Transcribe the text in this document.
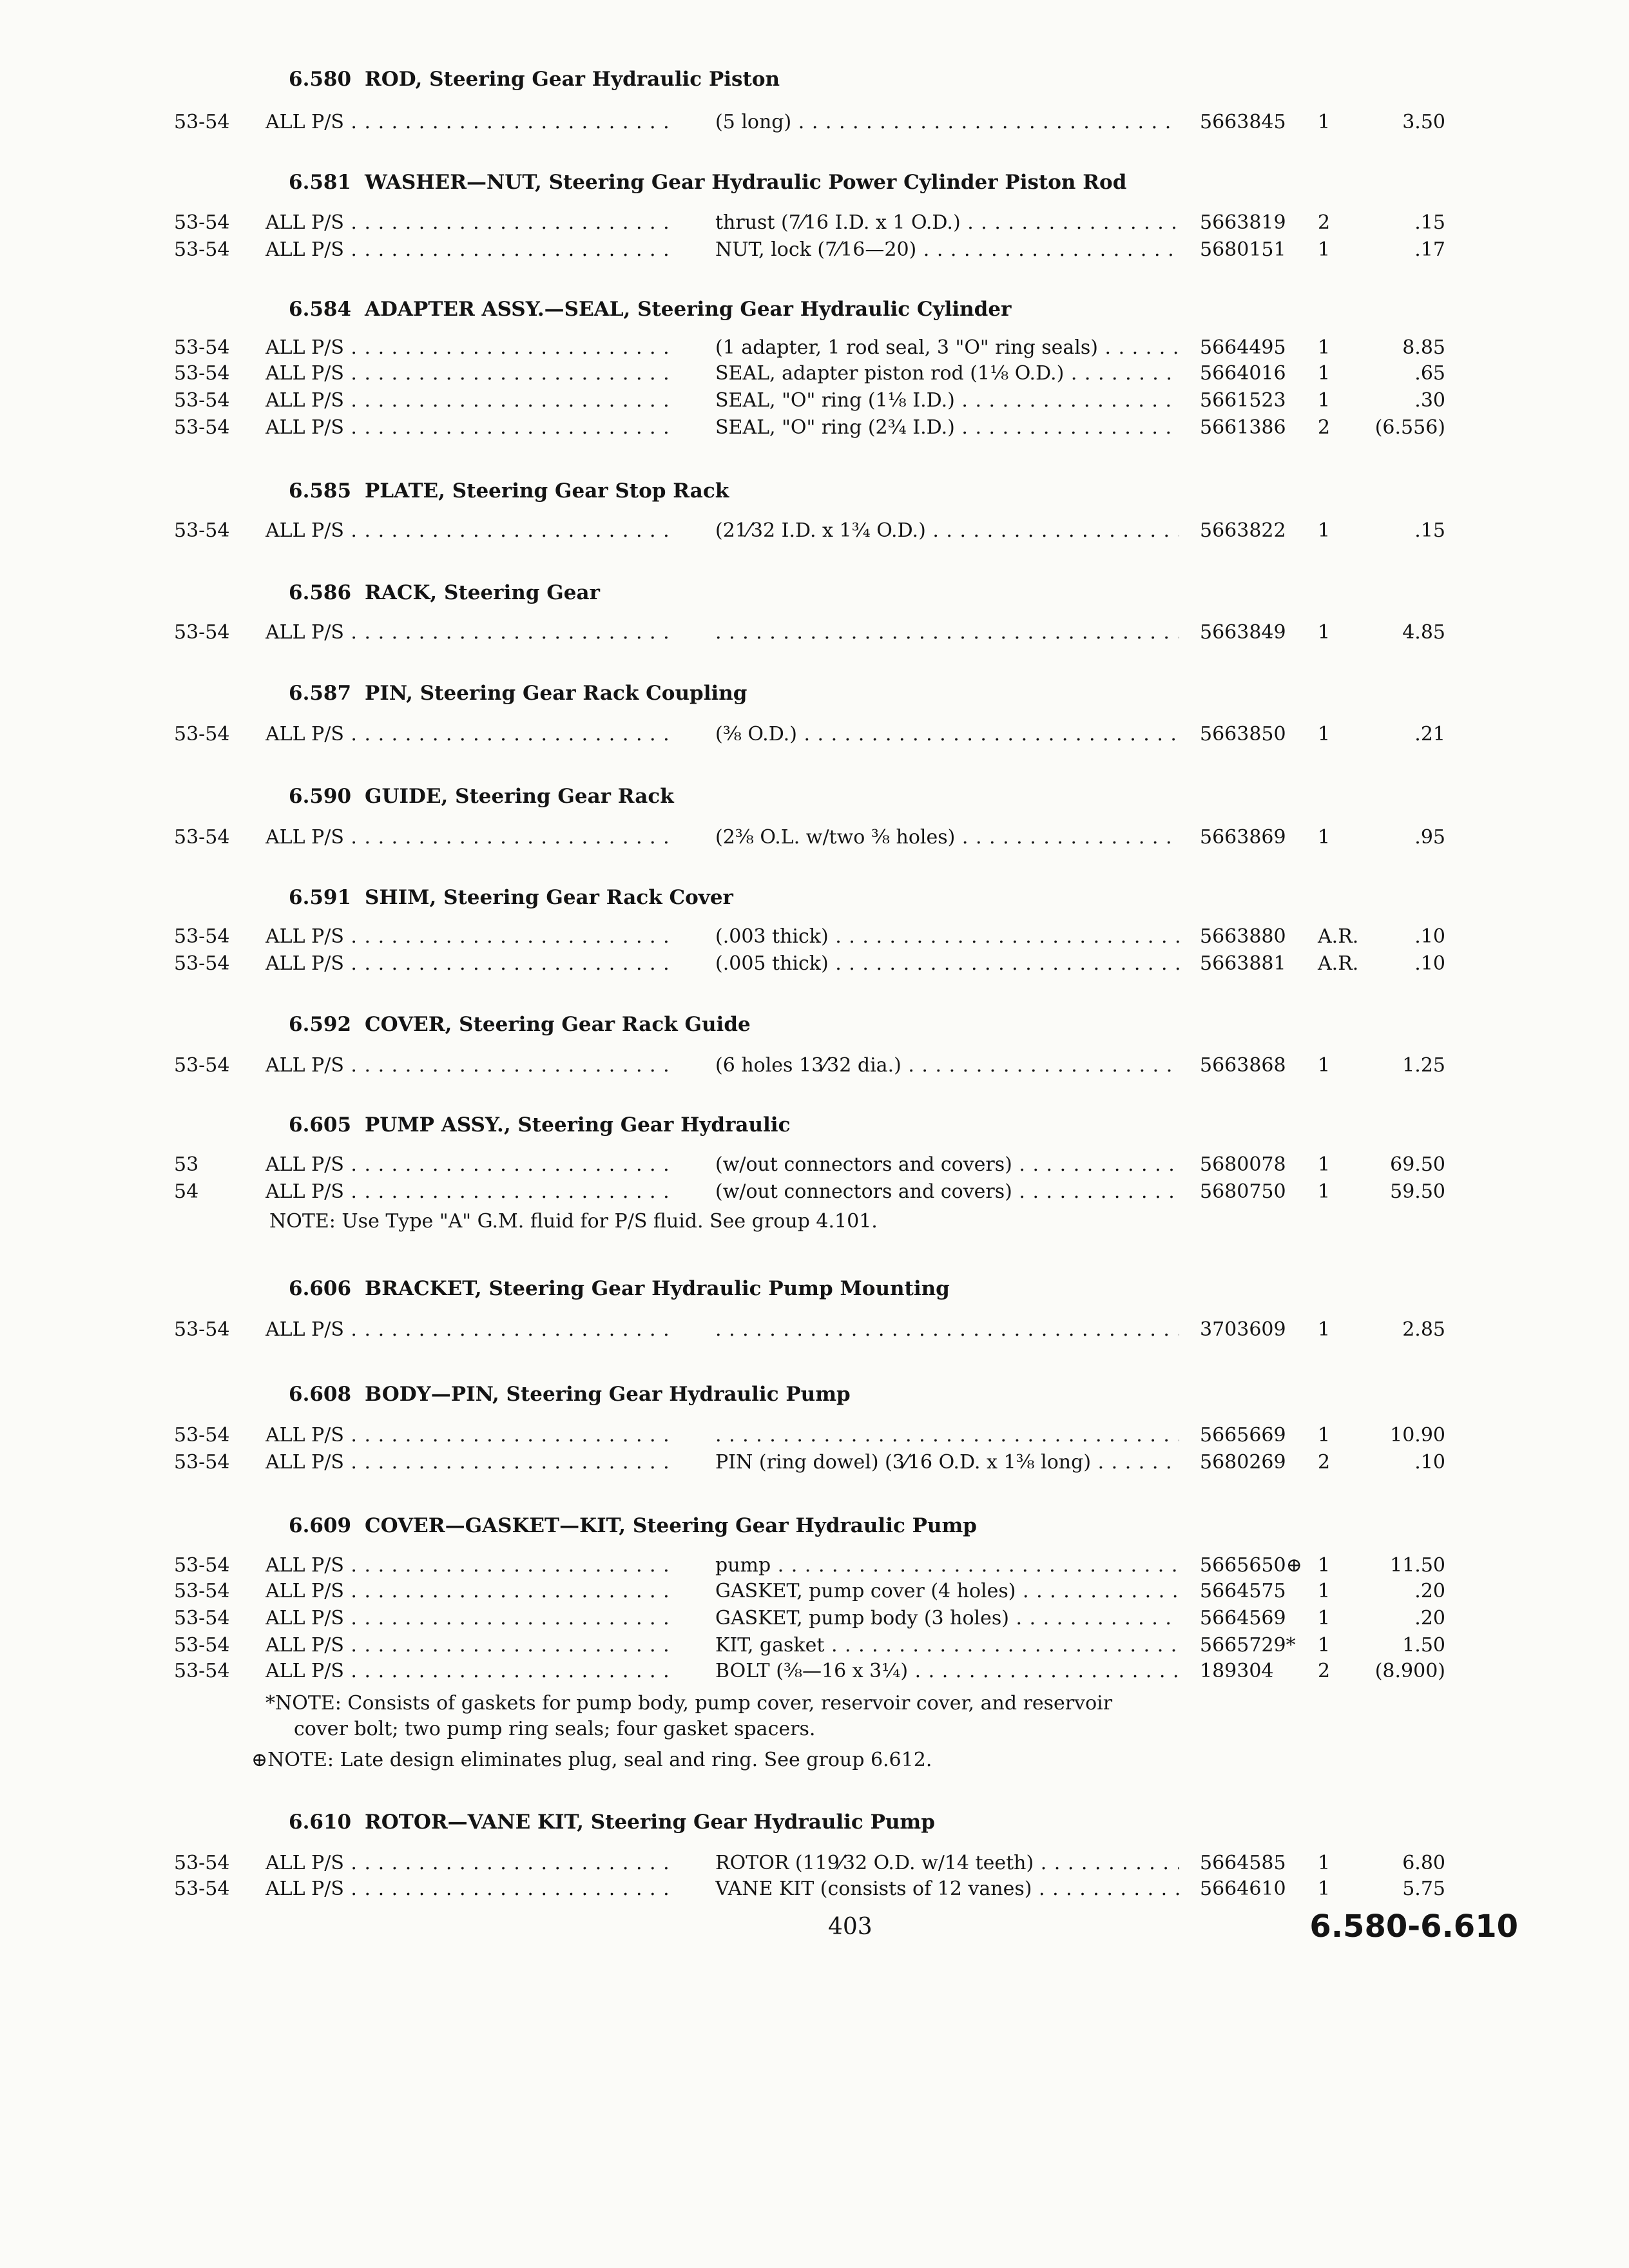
6.580 ROD, Steering Gear Hydraulic Piston
53-54 ALL P/S . . .	(5 long) . . .	5663845 1	3.50
6.581 WASHER—NUT, Steering Gear Hydraulic Power Cylinder Piston Rod
53-54 ALL P/S . . .	thrust (7⁄16 I.D. x 1 O.D.) . . .	5663819 2	.15
53-54 ALL P/S . . .	NUT, lock (7⁄16—20) . . .	5680151 1	.17
6.584 ADAPTER ASSY.—SEAL, Steering Gear Hydraulic Cylinder
53-54 ALL P/S . . .	(1 adapter, 1 rod seal, 3 "O" ring seals) . . .	5664495 1	8.85
53-54 ALL P/S . . .	SEAL, adapter piston rod (1⅛ O.D.) . . .	5664016 1	.65
53-54 ALL P/S . . .	SEAL, "O" ring (1⅛ I.D.) . . .	5661523 1	.30
53-54 ALL P/S . . .	SEAL, "O" ring (2¾ I.D.) . . .	5661386 2 (6.556)
6.585 PLATE, Steering Gear Stop Rack
53-54 ALL P/S . . .	(21⁄32 I.D. x 1¾ O.D.) . . .	5663822 1	.15
6.586 RACK, Steering Gear
53-54 ALL P/S . . . . . .	5663849 1	4.85
6.587 PIN, Steering Gear Rack Coupling
53-54 ALL P/S . . .	(⅜ O.D.) . . .	5663850 1	.21
6.590 GUIDE, Steering Gear Rack
53-54 ALL P/S . . .	(2⅜ O.L. w/two ⅜ holes) . . .	5663869 1	.95
6.591 SHIM, Steering Gear Rack Cover
53-54 ALL P/S . . .	(.003 thick) . . .	5663880 A.R.	.10
53-54 ALL P/S . . .	(.005 thick) . . .	5663881 A.R.	.10
6.592 COVER, Steering Gear Rack Guide
53-54 ALL P/S . . .	(6 holes 13⁄32 dia.) . . .	5663868 1	1.25
6.605 PUMP ASSY., Steering Gear Hydraulic
53	ALL P/S . . .	(w/out connectors and covers) . . .	5680078 1	69.50
54	ALL P/S . . .	(w/out connectors and covers) . . .	5680750 1	59.50
NOTE: Use Type "A" G.M. fluid for P/S fluid. See group 4.101.
6.606 BRACKET, Steering Gear Hydraulic Pump Mounting
53-54 ALL P/S . . . . . .	3703609 1	2.85
6.608 BODY—PIN, Steering Gear Hydraulic Pump
53-54 ALL P/S . . . . . .	5665669 1	10.90
53-54 ALL P/S . . .	PIN (ring dowel) (3⁄16 O.D. x 1⅜ long) . . .	5680269 2	.10
6.609 COVER—GASKET—KIT, Steering Gear Hydraulic Pump
53-54 ALL P/S . . .	pump . . .	5665650⊕ 1	11.50
53-54 ALL P/S . . .	GASKET, pump cover (4 holes) . . .	5664575 1	.20
53-54 ALL P/S . . .	GASKET, pump body (3 holes) . . .	5664569 1	.20
53-54 ALL P/S . . .	KIT, gasket . . .	5665729* 1	1.50
53-54 ALL P/S . . .	BOLT (⅜—16 x 3¼) . . .	189304 2 (8.900)
*NOTE: Consists of gaskets for pump body, pump cover, reservoir cover, and reservoir
cover bolt; two pump ring seals; four gasket spacers.
⊕NOTE: Late design eliminates plug, seal and ring. See group 6.612.
6.610 ROTOR—VANE KIT, Steering Gear Hydraulic Pump
53-54 ALL P/S . . .	ROTOR (119⁄32 O.D. w/14 teeth) . . .	5664585 1	6.80
53-54 ALL P/S . . .	VANE KIT (consists of 12 vanes) . . .	5664610 1	5.75
403	6.580-6.610
